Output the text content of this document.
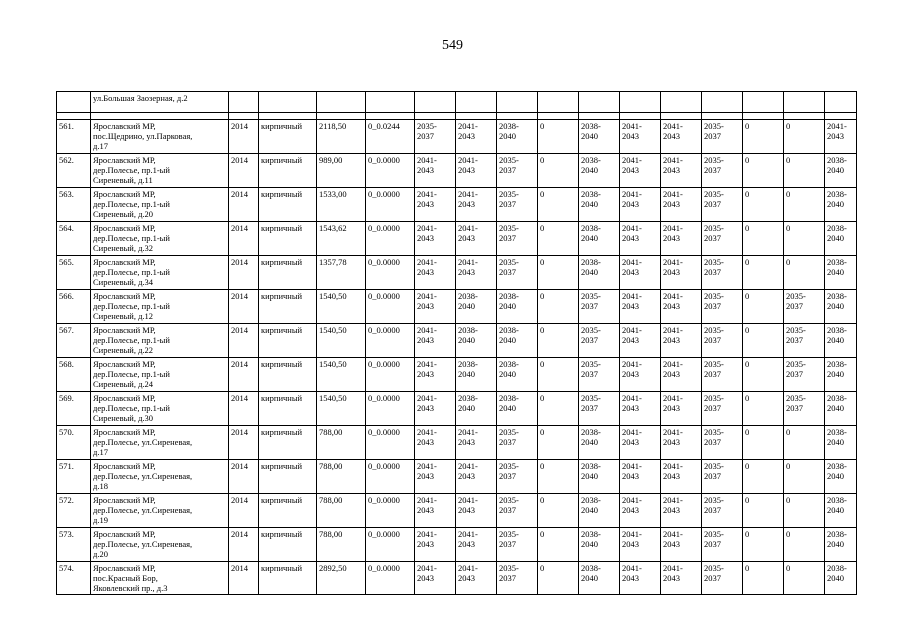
549
	ул.Большая Заозерная, д.2															

561.	Ярославский МР,
пос.Щедрино, ул.Парковая,
д.17	2014	кирпичный	2118,50	0_0.0244	2035-
2037	2041-
2043	2038-
2040	0	2038-
2040	2041-
2043	2041-
2043	2035-
2037	0	0	2041-
2043
562.	Ярославский МР,
дер.Полесье, пр.1-ый
Сиреневый, д.11	2014	кирпичный	989,00	0_0.0000	2041-
2043	2041-
2043	2035-
2037	0	2038-
2040	2041-
2043	2041-
2043	2035-
2037	0	0	2038-
2040
563.	Ярославский МР,
дер.Полесье, пр.1-ый
Сиреневый, д.20	2014	кирпичный	1533,00	0_0.0000	2041-
2043	2041-
2043	2035-
2037	0	2038-
2040	2041-
2043	2041-
2043	2035-
2037	0	0	2038-
2040
564.	Ярославский МР,
дер.Полесье, пр.1-ый
Сиреневый, д.32	2014	кирпичный	1543,62	0_0.0000	2041-
2043	2041-
2043	2035-
2037	0	2038-
2040	2041-
2043	2041-
2043	2035-
2037	0	0	2038-
2040
565.	Ярославский МР,
дер.Полесье, пр.1-ый
Сиреневый, д.34	2014	кирпичный	1357,78	0_0.0000	2041-
2043	2041-
2043	2035-
2037	0	2038-
2040	2041-
2043	2041-
2043	2035-
2037	0	0	2038-
2040
566.	Ярославский МР,
дер.Полесье, пр.1-ый
Сиреневый, д.12	2014	кирпичный	1540,50	0_0.0000	2041-
2043	2038-
2040	2038-
2040	0	2035-
2037	2041-
2043	2041-
2043	2035-
2037	0	2035-
2037	2038-
2040
567.	Ярославский МР,
дер.Полесье, пр.1-ый
Сиреневый, д.22	2014	кирпичный	1540,50	0_0.0000	2041-
2043	2038-
2040	2038-
2040	0	2035-
2037	2041-
2043	2041-
2043	2035-
2037	0	2035-
2037	2038-
2040
568.	Ярославский МР,
дер.Полесье, пр.1-ый
Сиреневый, д.24	2014	кирпичный	1540,50	0_0.0000	2041-
2043	2038-
2040	2038-
2040	0	2035-
2037	2041-
2043	2041-
2043	2035-
2037	0	2035-
2037	2038-
2040
569.	Ярославский МР,
дер.Полесье, пр.1-ый
Сиреневый, д.30	2014	кирпичный	1540,50	0_0.0000	2041-
2043	2038-
2040	2038-
2040	0	2035-
2037	2041-
2043	2041-
2043	2035-
2037	0	2035-
2037	2038-
2040
570.	Ярославский МР,
дер.Полесье, ул.Сиреневая,
д.17	2014	кирпичный	788,00	0_0.0000	2041-
2043	2041-
2043	2035-
2037	0	2038-
2040	2041-
2043	2041-
2043	2035-
2037	0	0	2038-
2040
571.	Ярославский МР,
дер.Полесье, ул.Сиреневая,
д.18	2014	кирпичный	788,00	0_0.0000	2041-
2043	2041-
2043	2035-
2037	0	2038-
2040	2041-
2043	2041-
2043	2035-
2037	0	0	2038-
2040
572.	Ярославский МР,
дер.Полесье, ул.Сиреневая,
д.19	2014	кирпичный	788,00	0_0.0000	2041-
2043	2041-
2043	2035-
2037	0	2038-
2040	2041-
2043	2041-
2043	2035-
2037	0	0	2038-
2040
573.	Ярославский МР,
дер.Полесье, ул.Сиреневая,
д.20	2014	кирпичный	788,00	0_0.0000	2041-
2043	2041-
2043	2035-
2037	0	2038-
2040	2041-
2043	2041-
2043	2035-
2037	0	0	2038-
2040
574.	Ярославский МР,
пос.Красный Бор,
Яковлевский пр., д.3	2014	кирпичный	2892,50	0_0.0000	2041-
2043	2041-
2043	2035-
2037	0	2038-
2040	2041-
2043	2041-
2043	2035-
2037	0	0	2038-
2040
